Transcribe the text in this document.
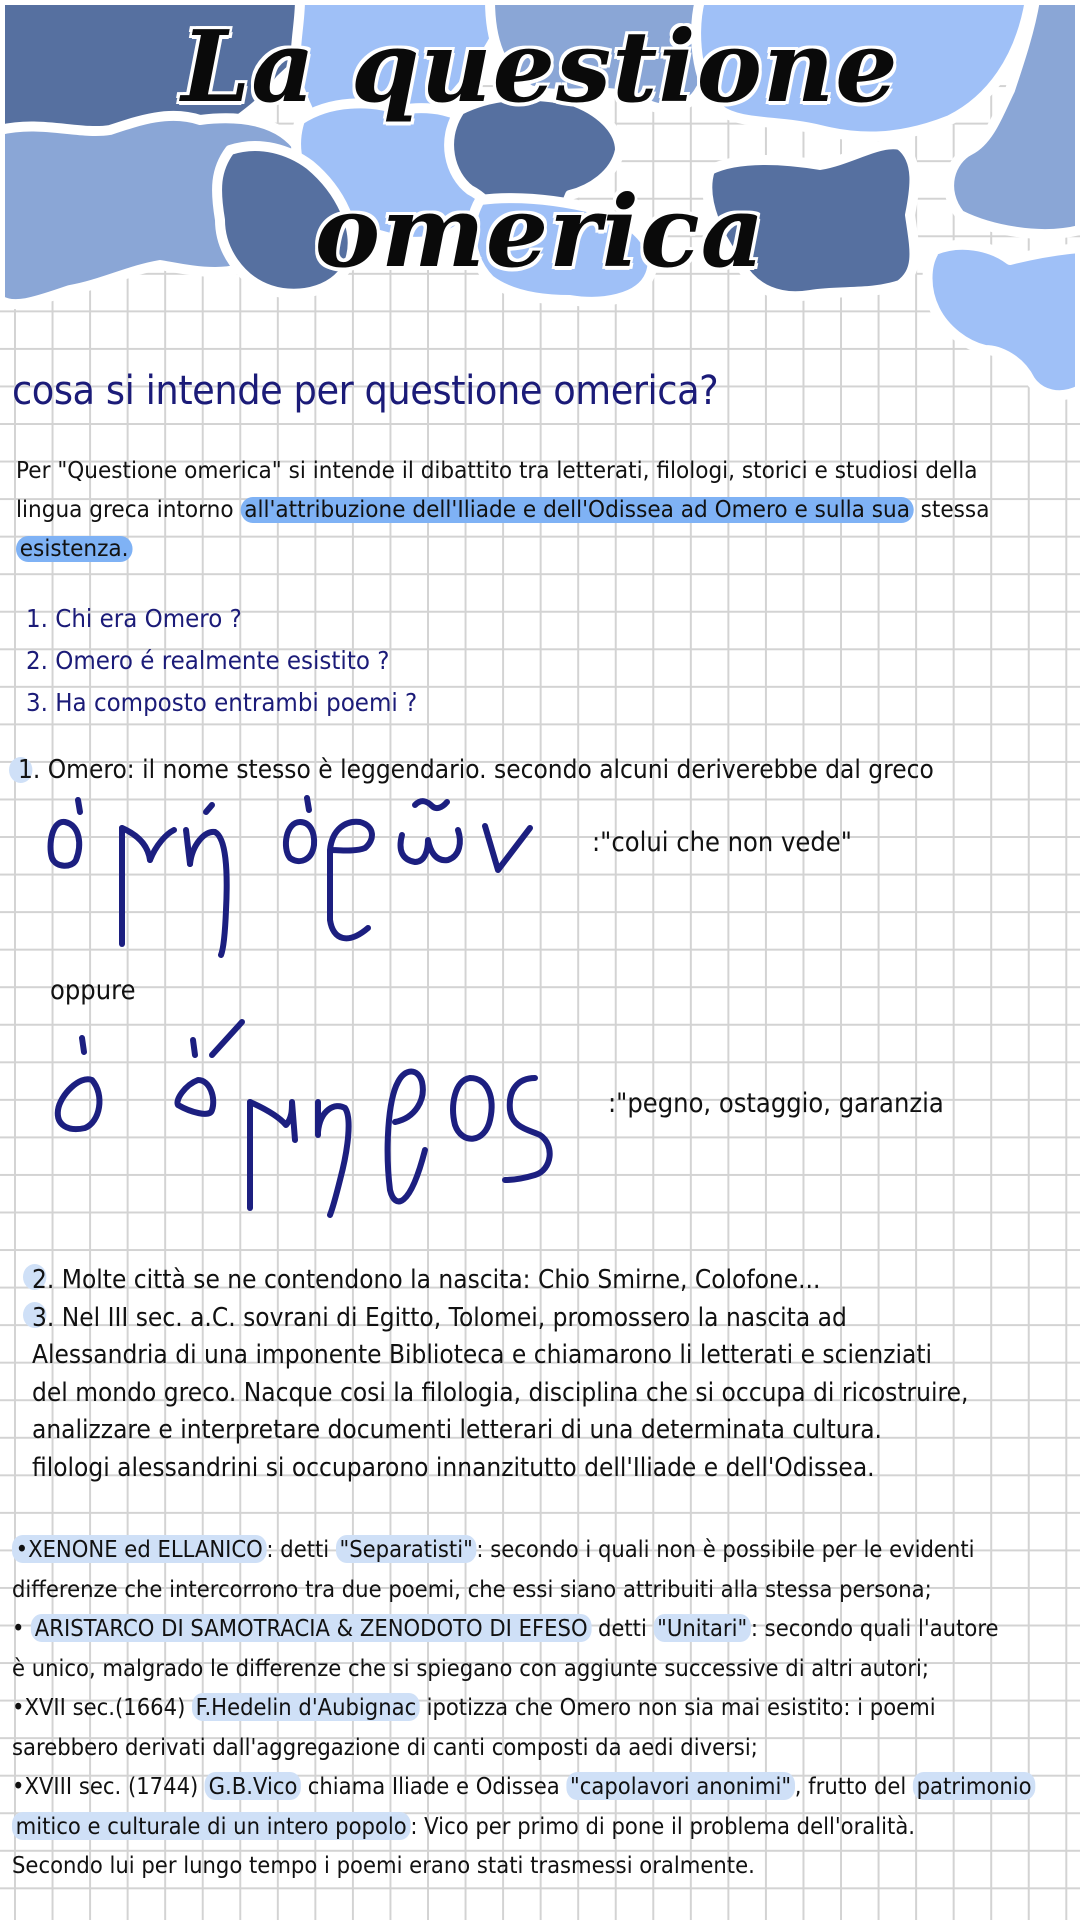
La questione
omerica
cosa si intende per questione omerica?
Per "Questione omerica" si intende il dibattito tra letterati, filologi, storici e studiosi della lingua greca intorno all'attribuzione dell'Iliade e dell'Odissea ad Omero e sulla sua stessa esistenza.
1. Chi era Omero ?
2. Omero é realmente esistito ?
3. Ha composto entrambi poemi ?
1. Omero: il nome stesso è leggendario. secondo alcuni deriverebbe dal greco
:"colui che non vede"
oppure
:"pegno, ostaggio, garanzia
2. Molte città se ne contendono la nascita: Chio Smirne, Colofone...
3. Nel III sec. a.C. sovrani di Egitto, Tolomei, promossero la nascita ad
Alessandria di una imponente Biblioteca e chiamarono li letterati e scienziati
del mondo greco. Nacque cosi la filologia, disciplina che si occupa di ricostruire,
analizzare e interpretare documenti letterari di una determinata cultura.
filologi alessandrini si occuparono innanzitutto dell'Iliade e dell'Odissea.
•XENONE ed ELLANICO : detti "Separatisti" : secondo i quali non è possibile per le evidenti
differenze che intercorrono tra due poemi, che essi siano attribuiti alla stessa persona;
• ARISTARCO DI SAMOTRACIA & ZENODOTO DI EFESO detti "Unitari" : secondo quali l'autore
è unico, malgrado le differenze che si spiegano con aggiunte successive di altri autori;
•XVII sec.(1664) F.Hedelin d'Aubignac ipotizza che Omero non sia mai esistito: i poemi
sarebbero derivati dall'aggregazione di canti composti da aedi diversi;
•XVIII sec. (1744) G.B.Vico chiama Iliade e Odissea "capolavori anonimi" , frutto del patrimonio
mitico e culturale di un intero popolo : Vico per primo di pone il problema dell'oralità.
Secondo lui per lungo tempo i poemi erano stati trasmessi oralmente.
